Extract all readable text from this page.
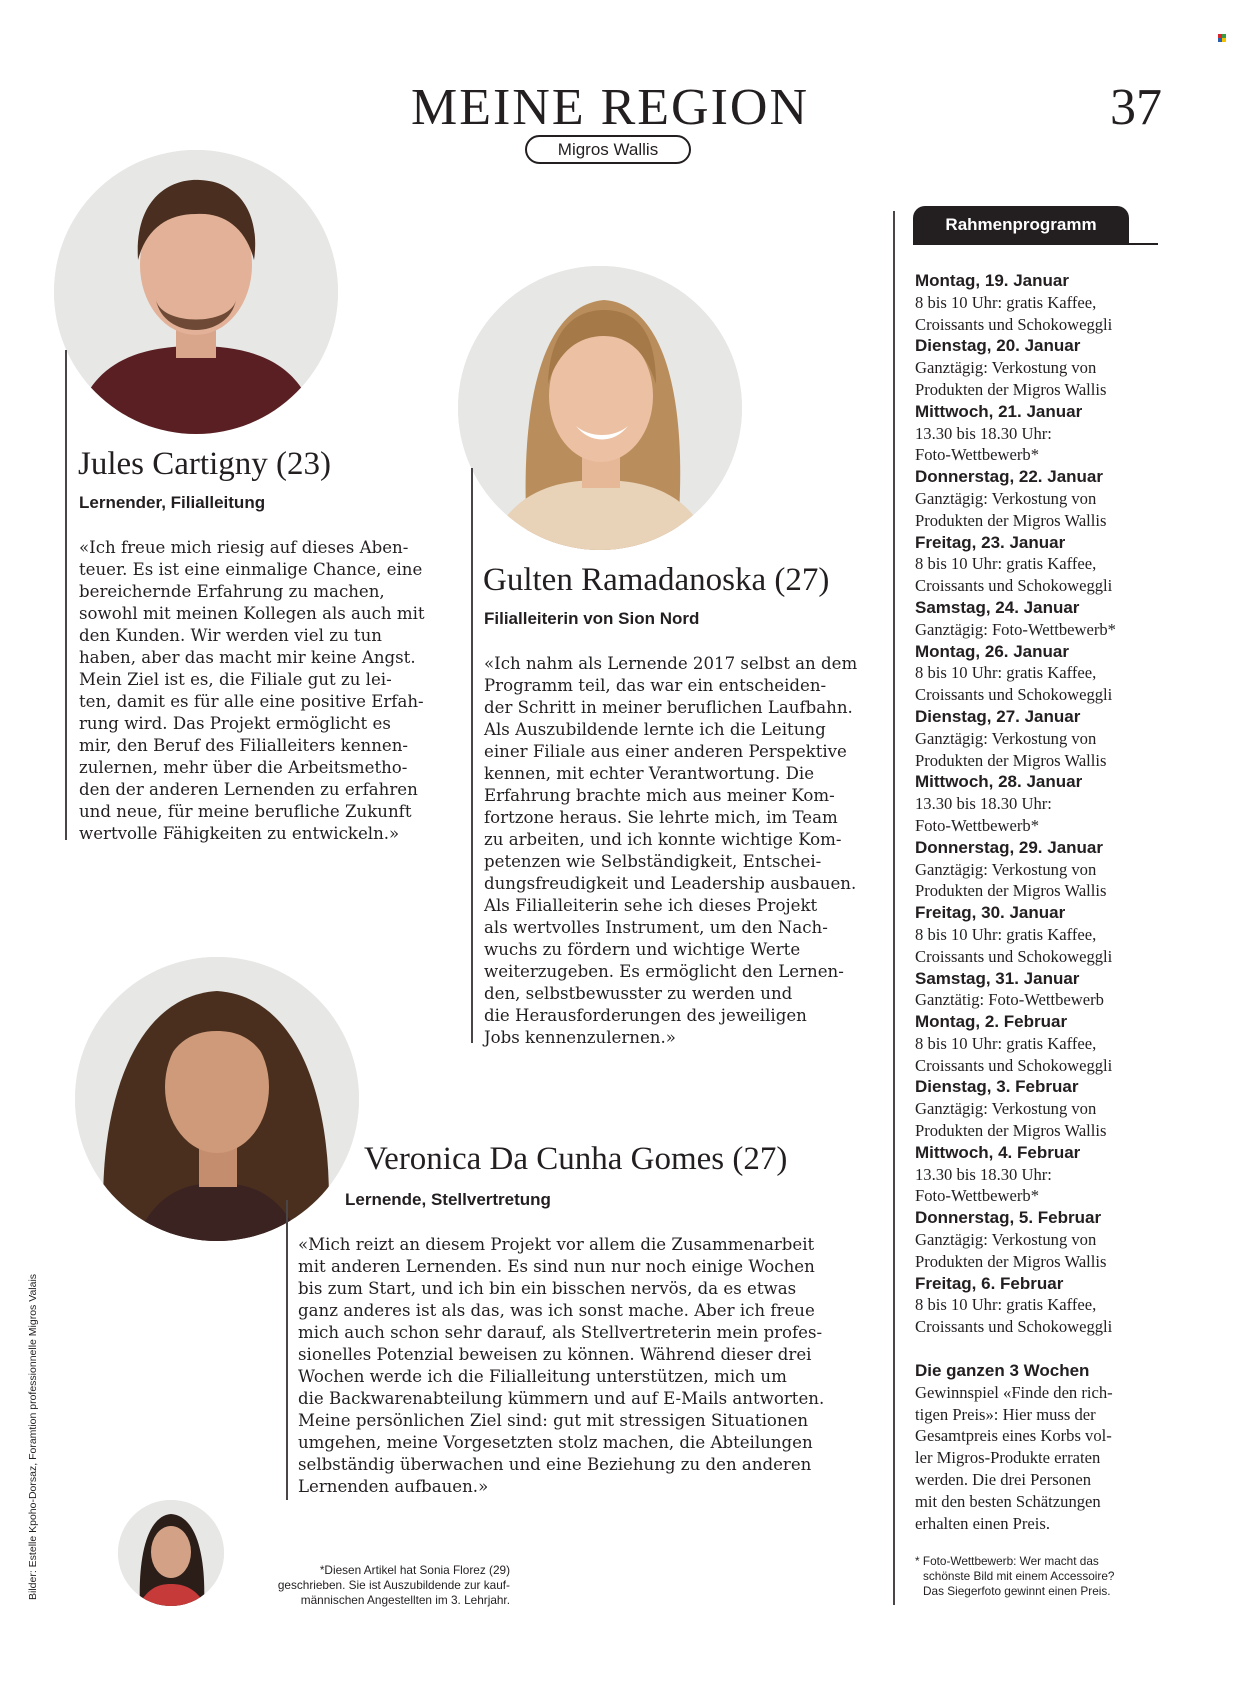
MEINE REGION	37
Migros Wallis
Jules Cartigny (23)
Lernender, Filialleitung

«Ich freue mich riesig auf dieses Aben-

teuer. Es ist eine einmalige Chance, eine

bereichernde Erfahrung zu machen,

sowohl mit meinen Kollegen als auch mit

den Kunden. Wir werden viel zu tun

haben, aber das macht mir keine Angst.

Mein Ziel ist es, die Filiale gut zu lei-

ten, damit es für alle eine positive Erfah-

rung wird. Das Projekt ermöglicht es

mir, den Beruf des Filialleiters kennen-

zulernen, mehr über die Arbeitsmetho-

den der anderen Lernenden zu erfahren

und neue, für meine berufliche Zukunft

wertvolle Fähigkeiten zu entwickeln.»

Gulten Ramadanoska (27)
Filialleiterin von Sion Nord

«Ich nahm als Lernende 2017 selbst an dem

Programm teil, das war ein entscheiden-

der Schritt in meiner beruflichen Laufbahn.

Als Auszubildende lernte ich die Leitung

einer Filiale aus einer anderen Perspektive

kennen, mit echter Verantwortung. Die

Erfahrung brachte mich aus meiner Kom-

fortzone heraus. Sie lehrte mich, im Team

zu arbeiten, und ich konnte wichtige Kom-

petenzen wie Selbständigkeit, Entschei-

dungsfreudigkeit und Leadership ausbauen.

Als Filialleiterin sehe ich dieses Projekt

als wertvolles Instrument, um den Nach-

wuchs zu fördern und wichtige Werte

weiterzugeben. Es ermöglicht den Lernen-

den, selbstbewusster zu werden und

die Herausforderungen des jeweiligen

Jobs kennenzulernen.»

Veronica Da Cunha Gomes (27)
Lernende, Stellvertretung

«Mich reizt an diesem Projekt vor allem die Zusammenarbeit

mit anderen Lernenden. Es sind nun nur noch einige Wochen

bis zum Start, und ich bin ein bisschen nervös, da es etwas

ganz anderes ist als das, was ich sonst mache. Aber ich freue

mich auch schon sehr darauf, als Stellvertreterin mein profes-

sionelles Potenzial beweisen zu können. Während dieser drei

Wochen werde ich die Filialleitung unterstützen, mich um

die Backwarenabteilung kümmern und auf E-Mails antworten.

Meine persönlichen Ziel sind: gut mit stressigen Situationen

umgehen, meine Vorgesetzten stolz machen, die Abteilungen

selbständig überwachen und eine Beziehung zu den anderen

Lernenden aufbauen.»

*Diesen Artikel hat Sonia Florez (29)
geschrieben. Sie ist Auszubildende zur kauf-
männischen Angestellten im 3. Lehrjahr.
Bilder: Estelle Kpoho-Dorsaz, Foramtion professionnelle Migros Valais
Rahmenprogramm
Montag, 19. Januar
8 bis 10 Uhr: gratis Kaffee,
Croissants und Schokoweggli
Dienstag, 20. Januar
Ganztägig: Verkostung von
Produkten der Migros Wallis
Mittwoch, 21. Januar
13.30 bis 18.30 Uhr:
Foto-Wettbewerb*
Donnerstag, 22. Januar
Ganztägig: Verkostung von
Produkten der Migros Wallis
Freitag, 23. Januar
8 bis 10 Uhr: gratis Kaffee,
Croissants und Schokoweggli
Samstag, 24. Januar
Ganztägig: Foto-Wettbewerb*
Montag, 26. Januar
8 bis 10 Uhr: gratis Kaffee,
Croissants und Schokoweggli
Dienstag, 27. Januar
Ganztägig: Verkostung von
Produkten der Migros Wallis
Mittwoch, 28. Januar
13.30 bis 18.30 Uhr:
Foto-Wettbewerb*
Donnerstag, 29. Januar
Ganztägig: Verkostung von
Produkten der Migros Wallis
Freitag, 30. Januar
8 bis 10 Uhr: gratis Kaffee,
Croissants und Schokoweggli
Samstag, 31. Januar
Ganztätig: Foto-Wettbewerb
Montag, 2. Februar
8 bis 10 Uhr: gratis Kaffee,
Croissants und Schokoweggli
Dienstag, 3. Februar
Ganztägig: Verkostung von
Produkten der Migros Wallis
Mittwoch, 4. Februar
13.30 bis 18.30 Uhr:
Foto-Wettbewerb*
Donnerstag, 5. Februar
Ganztägig: Verkostung von
Produkten der Migros Wallis
Freitag, 6. Februar
8 bis 10 Uhr: gratis Kaffee,
Croissants und Schokoweggli
Die ganzen 3 Wochen
Gewinnspiel «Finde den rich-
tigen Preis»: Hier muss der
Gesamtpreis eines Korbs vol-
ler Migros-Produkte erraten
werden. Die drei Personen
mit den besten Schätzungen
erhalten einen Preis.
* Foto-Wettbewerb: Wer macht das
schönste Bild mit einem Accessoire?
Das Siegerfoto gewinnt einen Preis.
